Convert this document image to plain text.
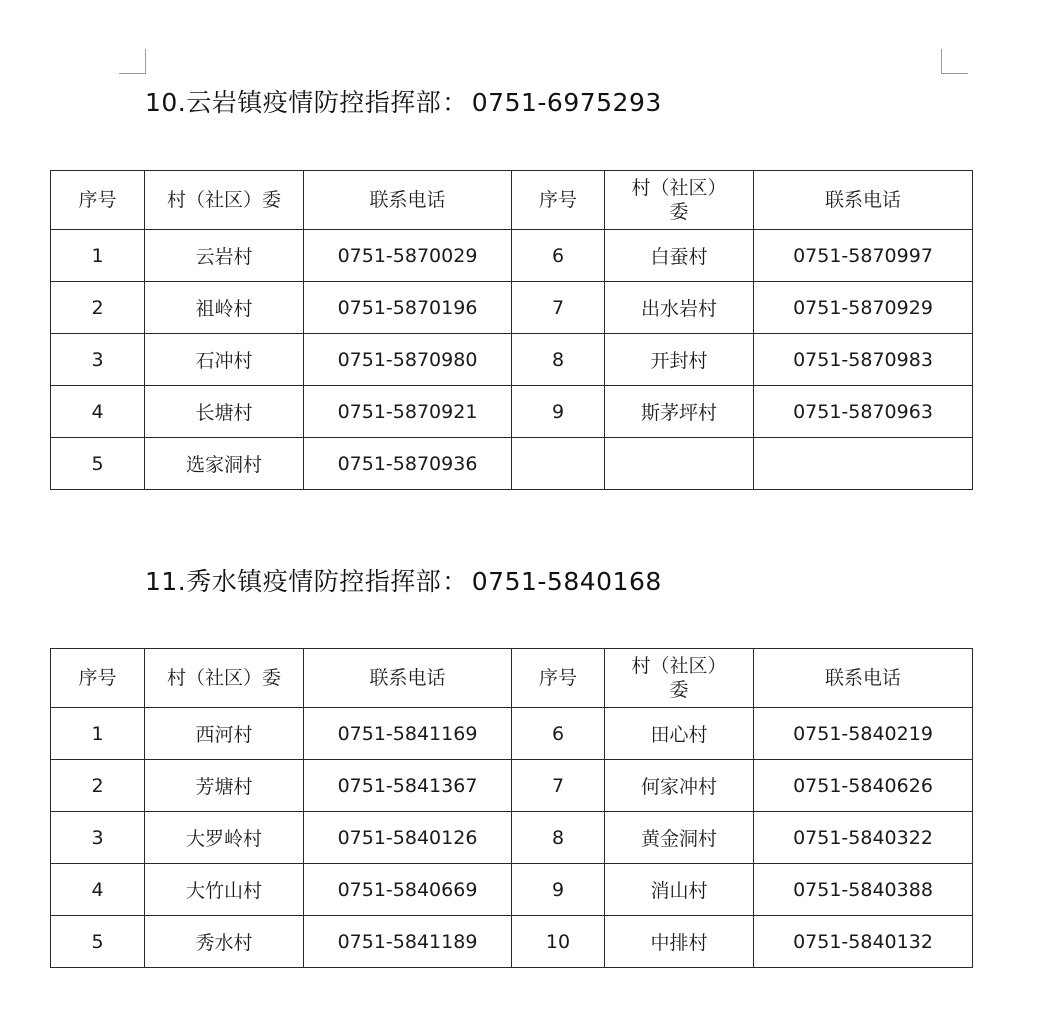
10.云岩镇疫情防控指挥部： 0751-6975293
序号	村（社区）委	联系电话	序号	村（社区）委	联系电话
1	云岩村	0751-5870029	6	白蚕村	0751-5870997
2	祖岭村	0751-5870196	7	出水岩村	0751-5870929
3	石冲村	0751-5870980	8	开封村	0751-5870983
4	长塘村	0751-5870921	9	斯茅坪村	0751-5870963
5	选家洞村	0751-5870936			
11.秀水镇疫情防控指挥部： 0751-5840168
序号	村（社区）委	联系电话	序号	村（社区）委	联系电话
1	西河村	0751-5841169	6	田心村	0751-5840219
2	芳塘村	0751-5841367	7	何家冲村	0751-5840626
3	大罗岭村	0751-5840126	8	黄金洞村	0751-5840322
4	大竹山村	0751-5840669	9	消山村	0751-5840388
5	秀水村	0751-5841189	10	中排村	0751-5840132
